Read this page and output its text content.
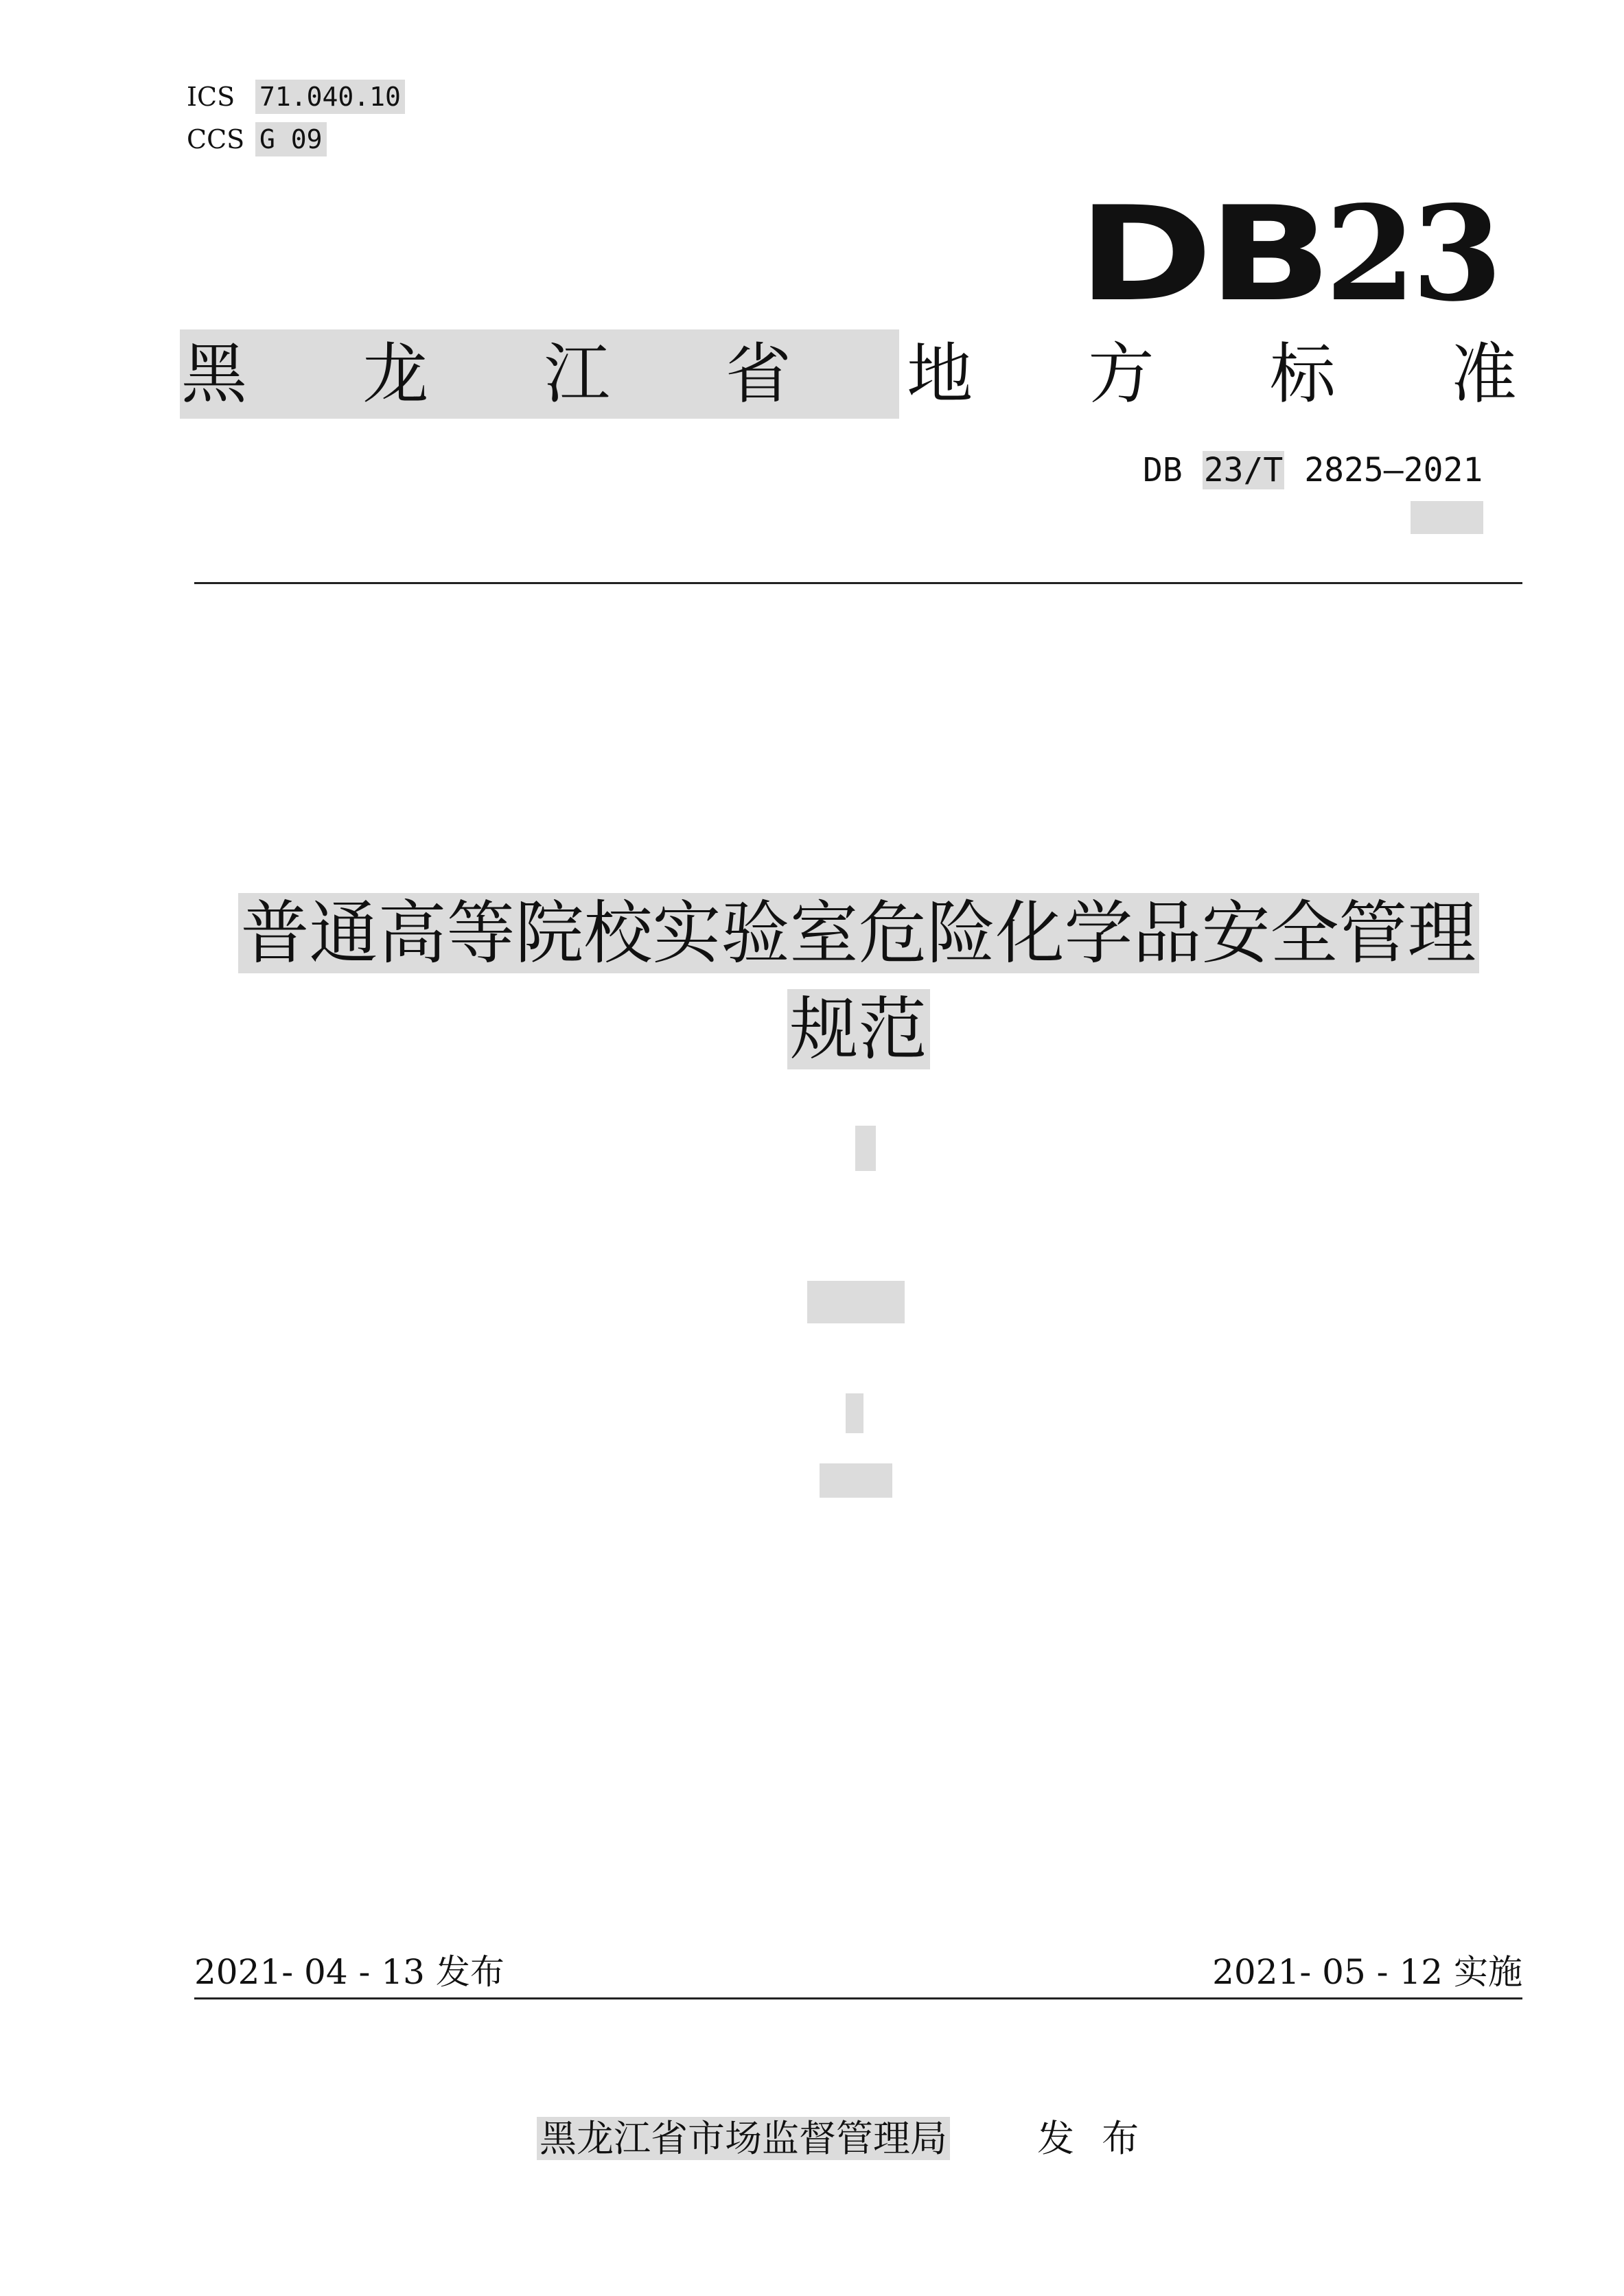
ICS 71.040.10
CCS G 09
DB23
黑 龙 江 省 地 方 标 准
DB 23/T 2825—2021
普通高等院校实验室危险化学品安全管理
规范
2021- 04 - 13 发布	2021- 05 - 12 实施
黑龙江省市场监督管理局 发布
